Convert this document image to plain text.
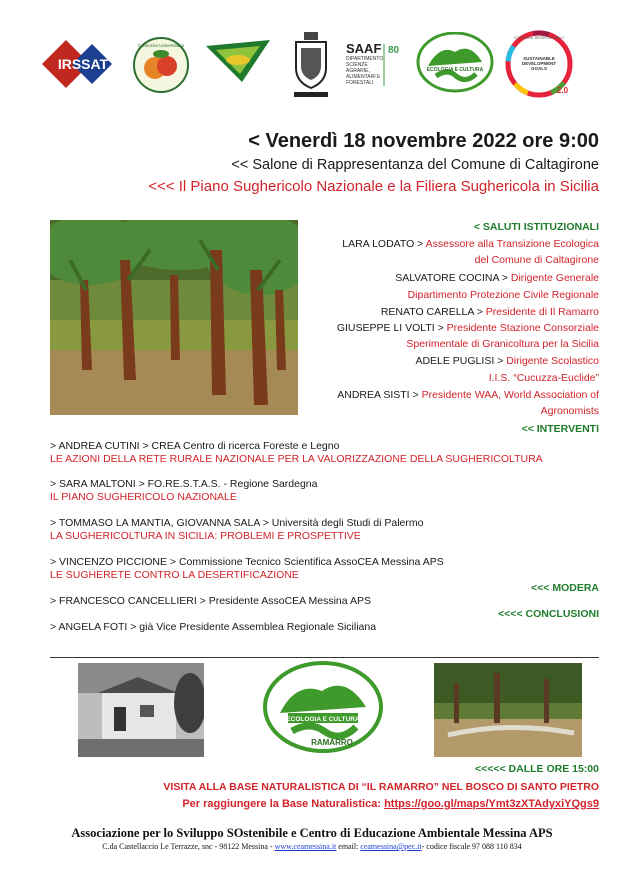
IRSSAT
Consorzio Universitario	SAAF 80
DIPARTIMENTO SCIENZE AGRARIE, ALIMENTARI E FORESTALI
ECOLOGIA E CULTURA
SUSTAINABLE DEVELOPMENT GOALS
CITTADINI RESPONSABILI
2.0
< Venerdì 18 novembre 2022 ore 9:00
<< Salone di Rappresentanza del Comune di Caltagirone
<<< Il Piano Sughericolo Nazionale e la Filiera Sughericola in Sicilia
< SALUTI ISTITUZIONALI
LARA LODATO > Assessore alla Transizione Ecologica
del Comune di Caltagirone
SALVATORE COCINA > Dirigente Generale
Dipartimento Protezione Civile Regionale
RENATO CARELLA > Presidente di Il Ramarro
GIUSEPPE LI VOLTI > Presidente Stazione Consorziale
Sperimentale di Granicoltura per la Sicilia
ADELE PUGLISI > Dirigente Scolastico
I.I.S. “Cucuzza-Euclide”
ANDREA SISTI > Presidente WAA, World Association of
Agronomists
<< INTERVENTI
> ANDREA CUTINI > CREA Centro di ricerca Foreste e Legno
LE AZIONI DELLA RETE RURALE NAZIONALE PER LA VALORIZZAZIONE DELLA SUGHERICOLTURA
> SARA MALTONI > FO.RE.S.T.A.S. - Regione Sardegna
IL PIANO SUGHERICOLO NAZIONALE
> TOMMASO LA MANTIA, GIOVANNA SALA > Università degli Studi di Palermo
LA SUGHERICOLTURA IN SICILIA: PROBLEMI E PROSPETTIVE
> VINCENZO PICCIONE > Commissione Tecnico Scientifica AssoCEA Messina APS
LE SUGHERETE CONTRO LA DESERTIFICAZIONE
<<< MODERA
> FRANCESCO CANCELLIERI > Presidente AssoCEA Messina APS
<<<< CONCLUSIONI
> ANGELA FOTI > già Vice Presidente Assemblea Regionale Siciliana
ECOLOGIA E CULTURA
RAMARRO
<<<<< DALLE ORE 15:00
VISITA ALLA BASE NATURALISTICA DI “IL RAMARRO” NEL BOSCO DI SANTO PIETRO
Per raggiungere la Base Naturalistica: https://goo.gl/maps/Ymt3zXTAdyxiYQgs9
Associazione per lo Sviluppo SOstenibile e Centro di Educazione Ambientale Messina APS
C.da Castellaccio Le Terrazze, snc - 98122 Messina - www.ceamessina.it email: ceamessina@pec.it- codice fiscale 97 088 110 834
